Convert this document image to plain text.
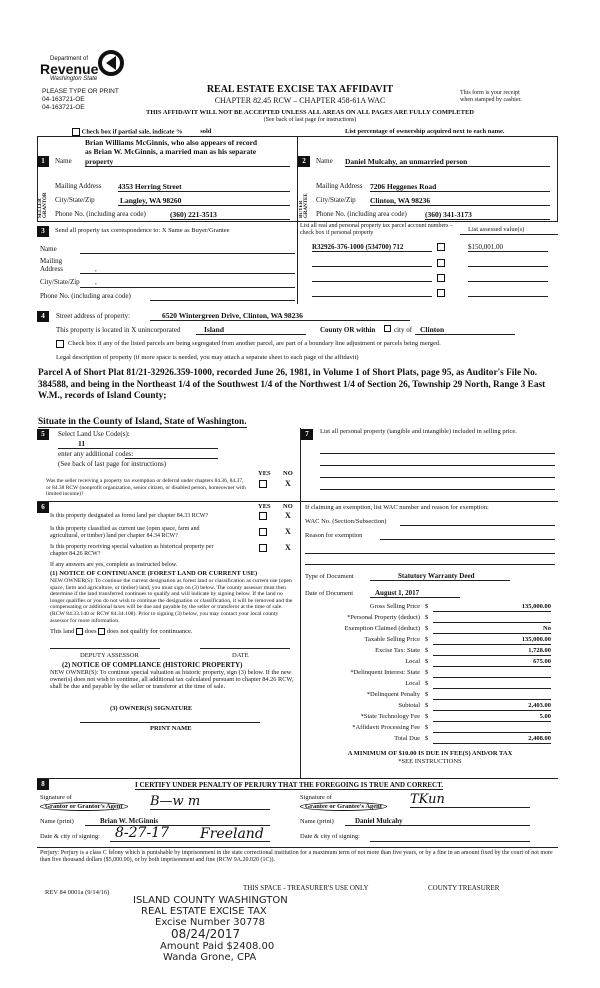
Department of
Revenue
Washington State
PLEASE TYPE OR PRINT
04-163721-OE
04-163721-OE
REAL ESTATE EXCISE TAX AFFIDAVIT
CHAPTER 82.45 RCW – CHAPTER 458-61A WAC
This form is your receipt
when stamped by cashier.
THIS AFFIDAVIT WILL NOT BE ACCEPTED UNLESS ALL AREAS ON ALL PAGES ARE FULLY COMPLETED
(See back of last page for instructions)
Check box if partial sale, indicate %	sold	List percentage of ownership acquired next to each name.
1
SELLER GRANTOR
Brian Williams McGinnis, who also appears of record
as Brian W. McGinnis, a married man as his separate
Name property
Mailing Address 4353 Herring Street
City/State/Zip	Langley, WA 98260
Phone No. (including area code)	(360) 221-3513
2
BUYER GRANTEE
Name Daniel Mulcahy, an unmarried person
Mailing Address 7206 Heggenes Road
City/State/Zip Clinton, WA 98236
Phone No. (including area code) (360) 341-3173
3	Send all property tax correspondence to: X Same as Buyer/Grantee
Name
Mailing
Address	,
City/State/Zip ,
Phone No. (including area code)
List all real and personal property tax parcel account numbers – check box if personal property	List assessed value(s)
R32926-376-1000 (534700) 712	$150,001.00
4	Street address of property:	6520 Wintergreen Drive, Clinton, WA 98236
This property is located in X unincorporated	Island	County OR within	city of	Clinton
Check box if any of the listed parcels are being segregated from another parcel, are part of a boundary line adjustment or parcels being merged.
Legal description of property (if more space is needed, you may attach a separate sheet to each page of the affidavit)
Parcel A of Short Plat 81/21-32926.359-1000, recorded June 26, 1981, in Volume 1 of Short Plats, page 95, as Auditor's File No. 384588, and being in the Northeast 1/4 of the Southwest 1/4 of the Northwest 1/4 of Section 26, Township 29 North, Range 3 East W.M., records of Island County;
Situate in the County of Island, State of Washington.
5	Select Land Use Code(s):
11
enter any additional codes:
(See back of last page for instructions)
YES NO
Was the seller receiving a property tax exemption or deferral under chapters 84.36, 84.37, or 84.38 RCW (nonprofit organization, senior citizen, or disabled person, homeowner with limited income)?
X
6	YES NO
Is this property designated as forest land per chapter 84.33 RCW?	X
Is this property classified as current use (open space, farm and agricultural, or timber) land per chapter 84.34 RCW?	X
Is this property receiving special valuation as historical property per chapter 84.26 RCW?
X
If any answers are yes, complete as instructed below.
(1) NOTICE OF CONTINUANCE (FOREST LAND OR CURRENT USE)
NEW OWNER(S): To continue the current designation as forest land or classification as current use (open space, farm and agriculture, or timber) land, you must sign on (3) below. The county assessor must then determine if the land transferred continues to qualify and will indicate by signing below. If the land no longer qualifies or you do not wish to continue the designation or classification, it will be removed and the compensating or additional taxes will be due and payable by the seller or transferor at the time of sale. (RCW 84.33.140 or RCW 84.34.108). Prior to signing (3) below, you may contact your local county assessor for more information.
This land does does not qualify for continuance.
DEPUTY ASSESSOR	DATE
(2) NOTICE OF COMPLIANCE (HISTORIC PROPERTY)
NEW OWNER(S): To continue special valuation as historic property, sign (3) below. If the new owner(s) does not wish to continue, all additional tax calculated pursuant to chapter 84.26 RCW, shall be due and payable by the seller or transferor at the time of sale.
(3) OWNER(S) SIGNATURE
PRINT NAME
7	List all personal property (tangible and intangible) included in selling price.
If claiming an exemption, list WAC number and reason for exemption:
WAC No. (Section/Subsection)
Reason for exemption
Type of Document	Statutory Warranty Deed
Date of Document	August 1, 2017
Gross Selling Price $	135,000.00
*Personal Property (deduct) $
Exemption Claimed (deduct) $	No
Taxable Selling Price $	135,000.00
Excise Tax: State $	1,728.00
Local $	675.00
*Delinquent Interest: State $
Local $
*Delinquent Penalty $
Subtotal $	2,403.00
*State Technology Fee $	5.00
*Affidavit Processing Fee $
Total Due $	2,408.00
A MINIMUM OF $10.00 IS DUE IN FEE(S) AND/OR TAX
*SEE INSTRUCTIONS
8	I CERTIFY UNDER PENALTY OF PERJURY THAT THE FOREGOING IS TRUE AND CORRECT.
Signature of
Grantor or Grantor's Agent	B—w m	Signature of
Grantee or Grantee's Agent	TKun
Name (print)	Brian W. McGinnis	Name (print)	Daniel Mulcahy
Date & city of signing: 8-27-17 Freeland	Date & city of signing:
Perjury: Perjury is a class C felony which is punishable by imprisonment in the state correctional institution for a maximum term of not more than five years, or by a fine in an amount fixed by the court of not more than five thousand dollars ($5,000.00), or by both imprisonment and fine (RCW 9A.20.020 (1C)).
REV 84 0001a (9/14/16)
THIS SPACE - TREASURER'S USE ONLY	COUNTY TREASURER
ISLAND COUNTY WASHINGTON
REAL ESTATE EXCISE TAX
Excise Number 30778
08/24/2017
Amount Paid $2408.00
Wanda Grone, CPA
